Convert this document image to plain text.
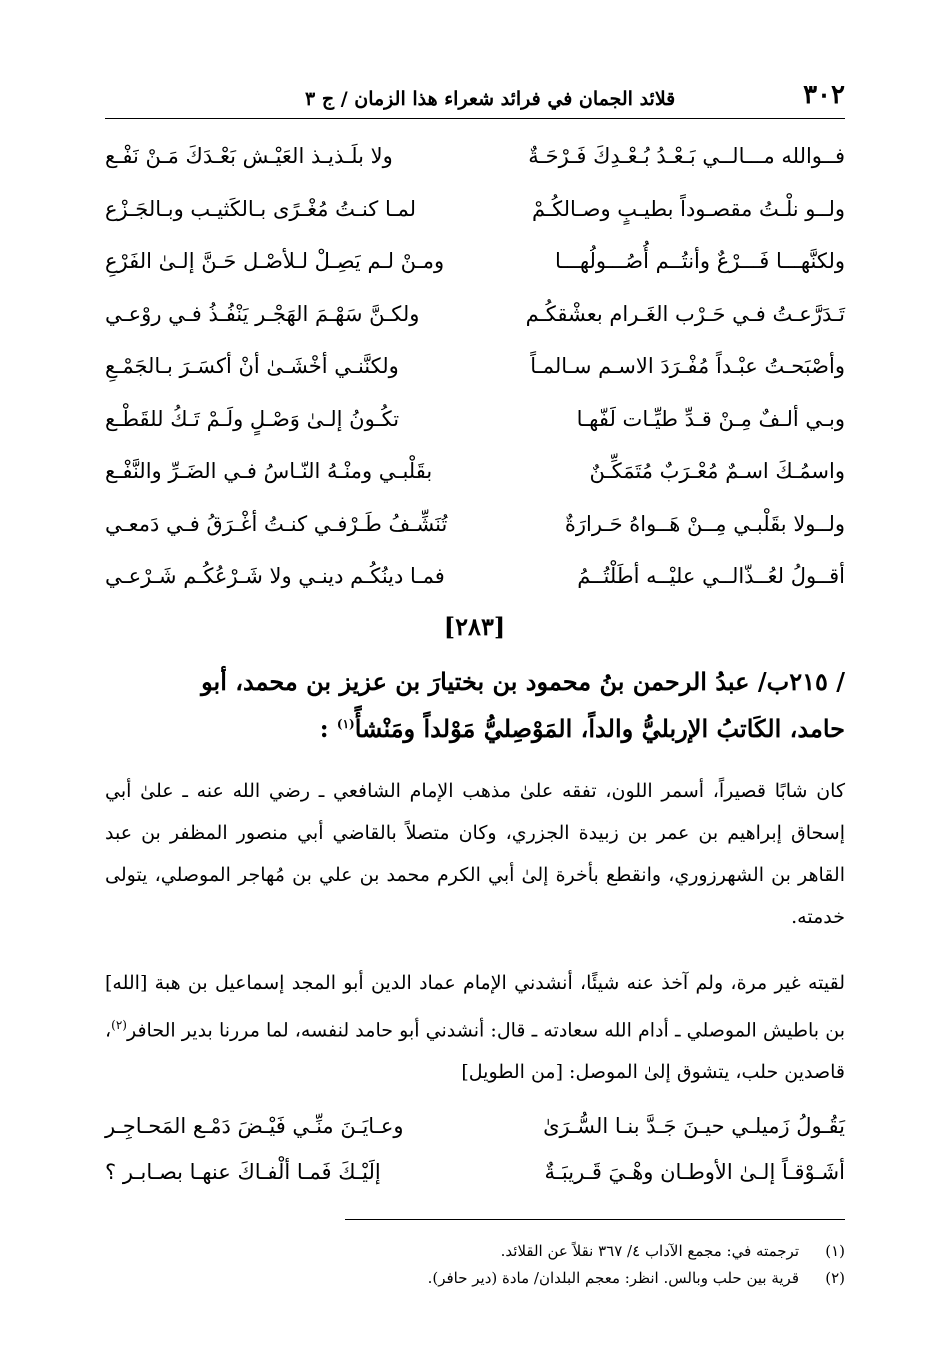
٣٠٢
قلائد الجمان في فرائد شعراء هذا الزمان / ج ٣
فــوالله مـــالــي بَـعْـدُ بُـعْـدِكَ فَـرْحَـةٌ
ولا بلَـذيـذ العَيْـش بَعْـدَكَ مَـنْ نَفْـع
ولــو نلْـتُ مقصـوداً بطيـبٍ وصـالكُـمْ
لمـا كنـتُ مُغْـرًى بـالكَثيـب وبـالجَـزْع
ولكنَّهـــا فَـــرْعٌ وأنتُــم أُصُـــولُهـــا
ومـنْ لـم يَصِـلْ لـلأصْـل حَـنَّ إلـىٰ الفَرْعِ
تَـدَرَّعـتُ فـي حَـرْب الغَـرام بعشْقكُـم
ولكـنَّ سَهْـمَ الهَجْـر يَنْفُـذُ فـي روْعـي
وأصْبَحـتُ عبْـداً مُفْـرَدَ الاسـم سـالمـاً
ولكنَّنـي أخْشَـىٰ أنْ أكسَـرَ بـالجَمْـعِ
وبـي ألـفٌ مِـنْ قـدِّ طيِّـات لَفّهـا
تكُـونُ إلـىٰ وَصْـلٍ ولَـمْ تَـكُ للقَطْـع
واسمُـكَ اسـمٌ مُعْـرَبٌ مُتَمَكِّـنٌ
بقَلْبـي ومنْـهُ النّـاسُ فـي الضَـرِّ والنَّفْـع
ولــولا بقَلْبـي مِــنْ هَــواهُ حَـرارَةٌ
تُنَشِّـفُ طَـرْفـي كنـتُ أغْـرَقُ فـي دَمعـي
أقــولُ لعُــذّالــي عليْــه أطَلْتُــمُ
فمـا دينُكُـم دينـي ولا شَـرْعُكُـم شَـرْعـي
[٢٨٣]
/ ٢١٥ب/ عبدُ الرحمن بنُ محمود بن بختيارَ بن عزيز بن محمد، أبو
حامد، الكَاتبُ الإربليُّ والداً، المَوْصِليُّ مَوْلداً ومَنْشأً$^{(١)}$ :
كان شابًا قصيراً، أسمر اللون، تفقه علىٰ مذهب الإمام الشافعي ـ رضي الله عنه ـ علىٰ أبي إسحاق إبراهيم بن عمر بن زبيدة الجزري، وكان متصلاً بالقاضي أبي منصور المظفر بن عبد القاهر بن الشهرزوري، وانقطع بأخرة إلىٰ أبي الكرم محمد بن علي بن مُهاجر الموصلي، يتولى خدمته.
لقيته غير مرة، ولم آخذ عنه شيئًا، أنشدني الإمام عماد الدين أبو المجد إسماعيل بن هبة [الله] بن باطيش الموصلي ـ أدام الله سعادته ـ قال: أنشدني أبو حامد لنفسه، لما مررنا بدير الحافر$^{(٢)}$، قاصدين حلب، يتشوق إلىٰ الموصل: [من الطويل]
يَقُـولُ زَميلـي حيـنَ جَـدَّ بنـا السُّـرَىٰ
وعـايَـنَ منِّـي فَيْـضَ دَمْـع المَحـاجِـر
أشَـوْقـاً إلـىٰ الأوطـان وهْـيَ قَـريبَـةٌ
إلَيْـكَ فَمـا ألْفـاكَ عنهـا بصـابـر ؟
(١)
ترجمته في: مجمع الآداب ٤/ ٣٦٧ نقلاً عن القلائد.
(٢)
قرية بين حلب وبالس. انظر: معجم البلدان/ مادة (دير حافر).
